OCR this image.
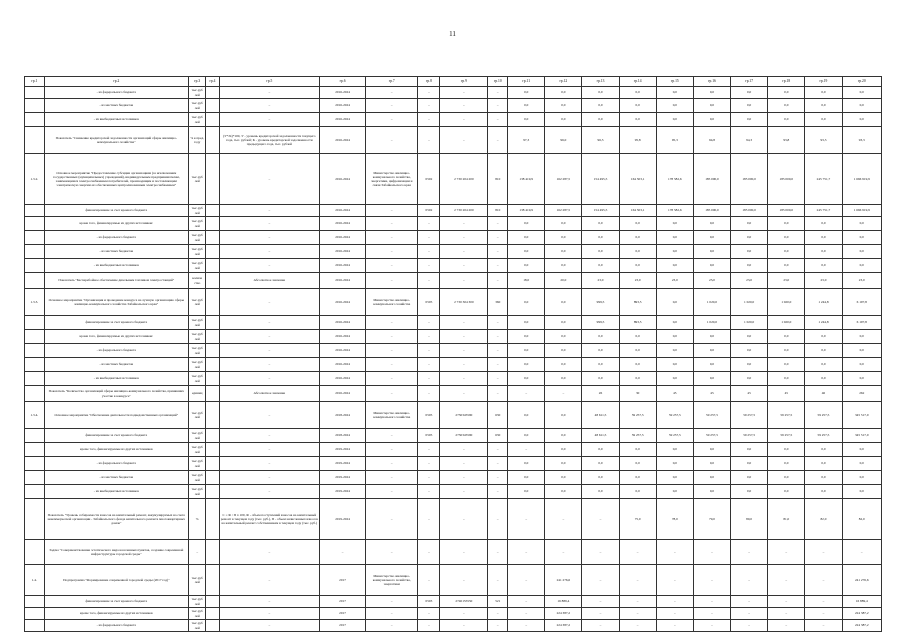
11
гр.1	гр.2	гр.3	гр.4	гр.5	гр.6	гр.7	гр.8	гр.9	гр.10	гр.11	гр.12	гр.13	гр.14	гр.15	гр.16	гр.17	гр.18	гр.19	гр.20
	- из федерального бюджета	тыс.руб лей		–	2016-2024	–	–	–	–	0,0	0,0	0,0	0,0	0,0	0,0	0,0	0,0	0,0	0,0
	- из местных бюджетов	тыс.руб лей		–	2016-2024	–	–	–	–	0,0	0,0	0,0	0,0	0,0	0,0	0,0	0,0	0,0	0,0
	- из внебюджетных источников	тыс.руб лей		–	2016-2024	–	–	–	–	0,0	0,0	0,0	0,0	0,0	0,0	0,0	0,0	0,0	0,0
	Показатель "Снижение кредиторской задолженности организаций сферы жилищно-коммунального хозяйства"	% к пред. году		(У*/К)*100, У - уровень кредиторской задолженности текущего года, тыс. рублей; К - уровень кредиторской задолженности предыдущего года, тыс. рублей	2016-2024	–	–	–	–	97,3	96,0	96,3	95,8	95,3	94,8	94,3	93,8	93,3	93,3
1.3.2.	Основное мероприятие "Предоставление субсидии организациям (за исключением государственных (муниципальных) учреждений), индивидуальным предпринимателям, занимающимся электроснабжением потребителей, производящим и поставляющим электрическую энергию из обеспеченных централизованным электроснабжением"	тыс.руб лей		–	2016-2024	Министерство жилищно-коммунального хозяйства, энергетики, цифровизации и связи Забайкальского края	0502	2 730 204 200	810	138 419,9	162 287,5	154 495,5	164 303,1	178 582,6	185 000,0	185 000,0	185 000,0	245 751,7	1 666 919,9
	финансирование за счет краевого бюджета	тыс.руб лей		–	2016-2024	–	0502	2 730 204 200	810	138 419,9	162 287,5	154 495,5	164 303,1	178 582,6	185 000,0	185 000,0	185 000,0	245 751,7	1 666 919,9
	кроме того, финансируемые из других источников:	тыс.руб лей		–	2016-2024	–	–	–	–	0,0	0,0	0,0	0,0	0,0	0,0	0,0	0,0	0,0	0,0
	- из федерального бюджета	тыс.руб лей		–	2016-2024	–	–	–	–	0,0	0,0	0,0	0,0	0,0	0,0	0,0	0,0	0,0	0,0
	- из местных бюджетов	тыс.руб лей		–	2016-2024	–	–	–	–	0,0	0,0	0,0	0,0	0,0	0,0	0,0	0,0	0,0	0,0
	- из внебюджетных источников	тыс.руб лей		–	2016-2024	–	–	–	–	0,0	0,0	0,0	0,0	0,0	0,0	0,0	0,0	0,0	0,0
	Показатель "Бесперебойное обеспечение дизельным топливом электростанций"	количе ство		Абсолютное значение	2016-2024	–	–	–	–	18,0	20,0	23,0	23,0	23,0	23,0	23,0	23,0	23,0	23,0
1.3.3.	Основное мероприятие "Организация и проведение конкурса на лучшую организацию сферы жилищно-коммунального хозяйства Забайкальского края"	тыс.руб лей		–	2016-2024	Министерство жилищно-коммунального хозяйства	0505	2 730 304 300	360	0,0	0,0	999,5	893,5	0,0	1 020,0	1 020,0	1 020,0	1 244,8	6 197,8
	финансирование за счет краевого бюджета	тыс.руб лей		–	2016-2024	–	–	–	–	0,0	0,0	999,5	893,5	0,0	1 020,0	1 020,0	1 020,0	1 244,8	6 197,8
	кроме того, финансируемые из других источников:	тыс.руб лей		–	2016-2024	–	–	–	–	0,0	0,0	0,0	0,0	0,0	0,0	0,0	0,0	0,0	0,0
	- из федерального бюджета	тыс.руб лей		–	2016-2024	–	–	–	–	0,0	0,0	0,0	0,0	0,0	0,0	0,0	0,0	0,0	0,0
	- из местных бюджетов	тыс.руб лей		–	2016-2024	–	–	–	–	0,0	0,0	0,0	0,0	0,0	0,0	0,0	0,0	0,0	0,0
	- из внебюджетных источников	тыс.руб лей		–	2016-2024	–	–	–	–	0,0	0,0	0,0	0,0	0,0	0,0	0,0	0,0	0,0	0,0
	Показатель "Количество организаций сферы жилищно-коммунального хозяйства, принявших участие в конкурсе"	единиц		Абсолютное значение	2016-2024	–	–	–	–	–	–	26	30	45	45	45	45	46	262
1.3.4.	Основное мероприятие "Обеспечение деятельности подведомственных организаций"	тыс.руб лей		–	2018-2024	Министерство жилищно-коммунального хозяйства	0505	2730345590	630	0,0	0,0	48 611,5	59 257,5	59 257,5	59 257,5	59 257,5	59 257,5	59 257,5	345 517,0
	финансирование за счет краевого бюджета	тыс.руб лей		–	2018-2024	–	0505	2730345590	630	0,0	0,0	48 611,5	59 257,5	59 257,5	59 257,5	59 257,5	59 257,5	59 257,5	345 517,0
	кроме того, финансируемые из других источников	тыс.руб лей		–	2019-2024	–	–	–	–	–	0,0	0,0	0,0	0,0	0,0	0,0	0,0	0,0	0,0
	- из федерального бюджета	тыс.руб лей		–	2019-2024	–	–	–	–	0,0	0,0	0,0	0,0	0,0	0,0	0,0	0,0	0,0	0,0
	- из местных бюджетов	тыс.руб лей		–	2019-2024	–	–	–	–	0,0	0,0	0,0	0,0	0,0	0,0	0,0	0,0	0,0	0,0
	- из внебюджетных источников	тыс.руб лей		–	2019-2024	–	–	–	–	0,0	0,0	0,0	0,0	0,0	0,0	0,0	0,0	0,0	0,0
	Показатель "Уровень собираемости взносов на капитальный ремонт, аккумулируемых на счете некоммерческой организации - Забайкальского фонда капитального ремонта многоквартирных домов"	%		С = Ф / П x 100, Ф - объем поступлений взносов на капитальный ремонт в текущем году (тыс. руб.), П - объем начисленных взносов на капитальный ремонт собственникам в текущем году (тыс. руб.)	2019-2024	–	–	–	–	–	–	–	75,0	78,0	79,0	80,0	81,0	82,0	82,0
	Задача "Совершенствование эстетического вида населенных пунктов, создание современной инфраструктуры городской среды"	–		–	–	–	–	–	–	–	–	–	–	–	–	–	–	–	–
1.4.	Подпрограмма "Формирование современной городской среды (2017 год)"	тыс.руб лей		–	2017	Министерство жилищно-коммунального хозяйства, энергетики	–	–	–	–	241 276,6	–	–	–	–	–	–	–	241 276,6
	финансирование за счет краевого бюджета	тыс.руб лей		–	2017	–	0503	2740155550	521	–	16 889,4	–	–	–	–	–	–	–	16 889,4
	кроме того, финансируемые из других источников	тыс.руб лей		–	2017	–	–	–	–	–	224 387,2	–	–	–	–	–	–	–	224 387,2
	- из федерального бюджета	тыс.руб лей		–	2017	–	–	–	–	–	224 387,2	–	–	–	–	–	–	–	224 387,2
